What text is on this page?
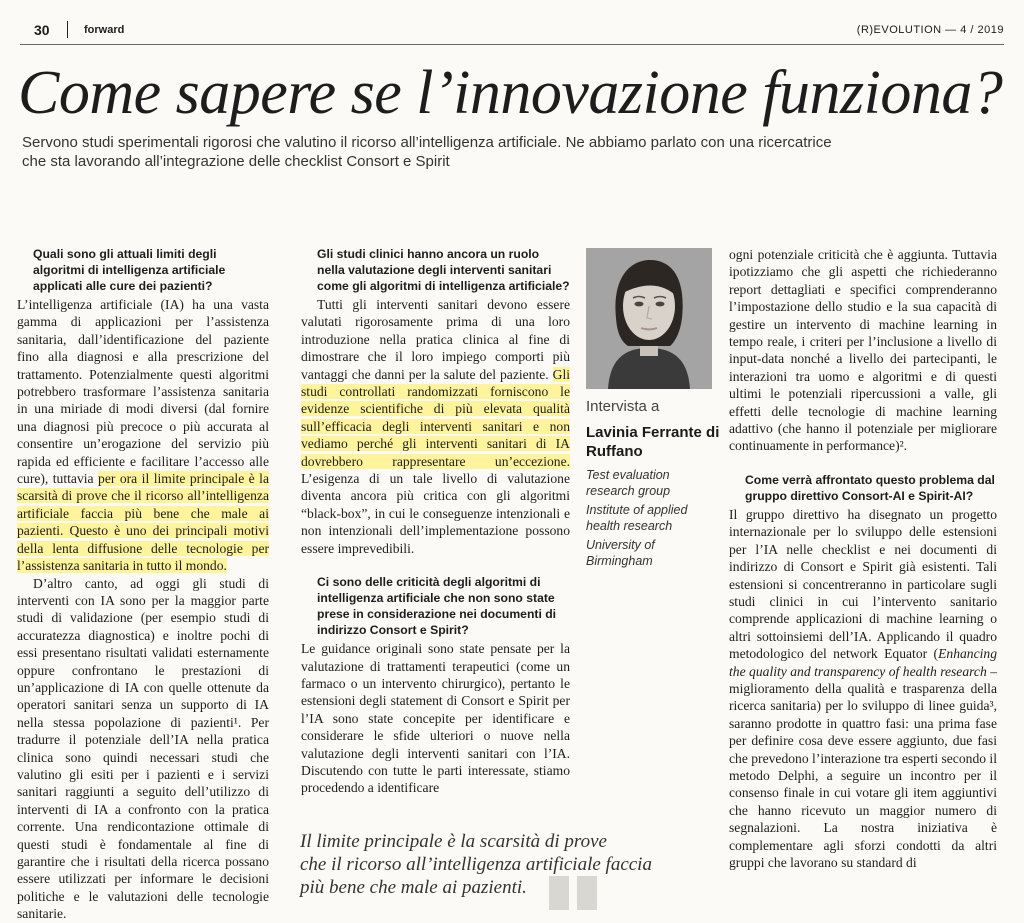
30	forward	(R)EVOLUTION — 4 / 2019
Come sapere se l’innovazione funziona?

Servono studi sperimentali rigorosi che valutino il ricorso all’intelligenza artificiale. Ne abbiamo parlato con una ricercatrice

che sta lavorando all’integrazione delle checklist Consort e Spirit

Quali sono gli attuali limiti degli algoritmi di intelligenza artificiale applicati alle cure dei pazienti?

L’intelligenza artificiale (IA) ha una vasta gamma di applicazioni per l’assistenza sanitaria, dall’identificazione del paziente fino alla diagnosi e alla prescrizione del trattamento. Potenzialmente questi algoritmi potrebbero trasformare l’assistenza sanitaria in una miriade di modi diversi (dal fornire una diagnosi più precoce o più accurata al consentire un’erogazione del servizio più rapida ed efficiente e facilitare l’accesso alle cure), tuttavia per ora il limite principale è la scarsità di prove che il ricorso all’intelligenza artificiale faccia più bene che male ai pazienti. Questo è uno dei principali motivi della lenta diffusione delle tecnologie per l’assistenza sanitaria in tutto il mondo.

D’altro canto, ad oggi gli studi di interventi con IA sono per la maggior parte studi di validazione (per esempio studi di accuratezza diagnostica) e inoltre pochi di essi presentano risultati validati esternamente oppure confrontano le prestazioni di un’applicazione di IA con quelle ottenute da operatori sanitari senza un supporto di IA nella stessa popolazione di pazienti¹. Per tradurre il potenziale dell’IA nella pratica clinica sono quindi necessari studi che valutino gli esiti per i pazienti e i servizi sanitari raggiunti a seguito dell’utilizzo di interventi di IA a confronto con la pratica corrente. Una rendicontazione ottimale di questi studi è fondamentale al fine di garantire che i risultati della ricerca possano essere utilizzati per informare le decisioni politiche e le valutazioni delle tecnologie sanitarie.

Gli studi clinici hanno ancora un ruolo nella valutazione degli interventi sanitari come gli algoritmi di intelligenza artificiale?

Tutti gli interventi sanitari devono essere valutati rigorosamente prima di una loro introduzione nella pratica clinica al fine di dimostrare che il loro impiego comporti più vantaggi che danni per la salute del paziente. Gli studi controllati randomizzati forniscono le evidenze scientifiche di più elevata qualità sull’efficacia degli interventi sanitari e non vediamo perché gli interventi sanitari di IA dovrebbero rappresentare un’eccezione. L’esigenza di un tale livello di valutazione diventa ancora più critica con gli algoritmi “black-box”, in cui le conseguenze intenzionali e non intenzionali dell’implementazione possono essere imprevedibili.

Ci sono delle criticità degli algoritmi di intelligenza artificiale che non sono state prese in considerazione nei documenti di indirizzo Consort e Spirit?

Le guidance originali sono state pensate per la valutazione di trattamenti terapeutici (come un farmaco o un intervento chirurgico), pertanto le estensioni degli statement di Consort e Spirit per l’IA sono state concepite per identificare e considerare le sfide ulteriori o nuove nella valutazione degli interventi sanitari con l’IA. Discutendo con tutte le parti interessate, stiamo procedendo a identificare

Intervista a
Lavinia Ferrante di Ruffano

Test evaluation research group

Institute of applied health research

University of Birmingham

ogni potenziale criticità che è aggiunta. Tuttavia ipotizziamo che gli aspetti che richiederanno report dettagliati e specifici comprenderanno l’impostazione dello studio e la sua capacità di gestire un intervento di machine learning in tempo reale, i criteri per l’inclusione a livello di input-data nonché a livello dei partecipanti, le interazioni tra uomo e algoritmi e di questi ultimi le potenziali ripercussioni a valle, gli effetti delle tecnologie di machine learning adattivo (che hanno il potenziale per migliorare continuamente in performance)².

Come verrà affrontato questo problema dal gruppo direttivo Consort-AI e Spirit-AI?

Il gruppo direttivo ha disegnato un progetto internazionale per lo sviluppo delle estensioni per l’IA nelle checklist e nei documenti di indirizzo di Consort e Spirit già esistenti. Tali estensioni si concentreranno in particolare sugli studi clinici in cui l’intervento sanitario comprende applicazioni di machine learning o altri sottoinsiemi dell’IA. Applicando il quadro metodologico del network Equator (Enhancing the quality and transparency of health research – miglioramento della qualità e trasparenza della ricerca sanitaria) per lo sviluppo di linee guida³, saranno prodotte in quattro fasi: una prima fase per definire cosa deve essere aggiunto, due fasi che prevedono l’interazione tra esperti secondo il metodo Delphi, a seguire un incontro per il consenso finale in cui votare gli item aggiuntivi che hanno ricevuto un maggior numero di segnalazioni. La nostra iniziativa è complementare agli sforzi condotti da altri gruppi che lavorano su standard di

Il limite principale è la scarsità di prove

che il ricorso all’intelligenza artificiale faccia

più bene che male ai pazienti.
